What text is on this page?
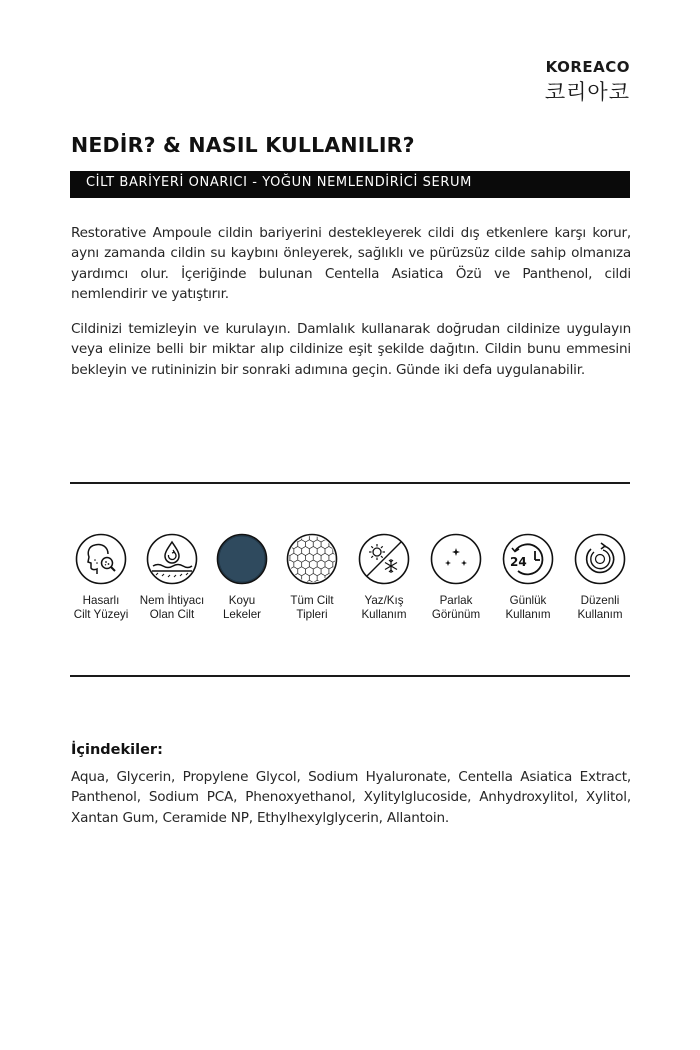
KOREACO
코리아코
NEDİR? & NASIL KULLANILIR?
CİLT BARİYERİ ONARICI - YOĞUN NEMLENDİRİCİ SERUM

Restorative Ampoule cildin bariyerini destekleyerek cildi dış etkenlere karşı korur, aynı zamanda cildin su kaybını önleyerek, sağlıklı ve pürüzsüz cilde sahip olmanıza yardımcı olur. İçeriğinde bulunan Centella Asiatica Özü ve Panthenol, cildi nemlendirir ve yatıştırır.

Cildinizi temizleyin ve kurulayın. Damlalık kullanarak doğrudan cildinize uygulayın veya elinize belli bir miktar alıp cildinize eşit şekilde dağıtın. Cildin bunu emmesini bekleyin ve rutininizin bir sonraki adımına geçin. Günde iki defa uygulanabilir.

Hasarlı
Cilt Yüzeyi
Nem İhtiyacı
Olan Cilt
Koyu
Lekeler
Tüm Cilt
Tipleri
Yaz/Kış
Kullanım
Parlak
Görünüm
24
Günlük
Kullanım
Düzenli
Kullanım
İçindekiler:

Aqua, Glycerin, Propylene Glycol, Sodium Hyaluronate, Centella Asiatica Extract, Panthenol, Sodium PCA, Phenoxyethanol, Xylitylglucoside, Anhydroxylitol, Xylitol, Xantan Gum, Ceramide NP, Ethylhexylglycerin, Allantoin.
